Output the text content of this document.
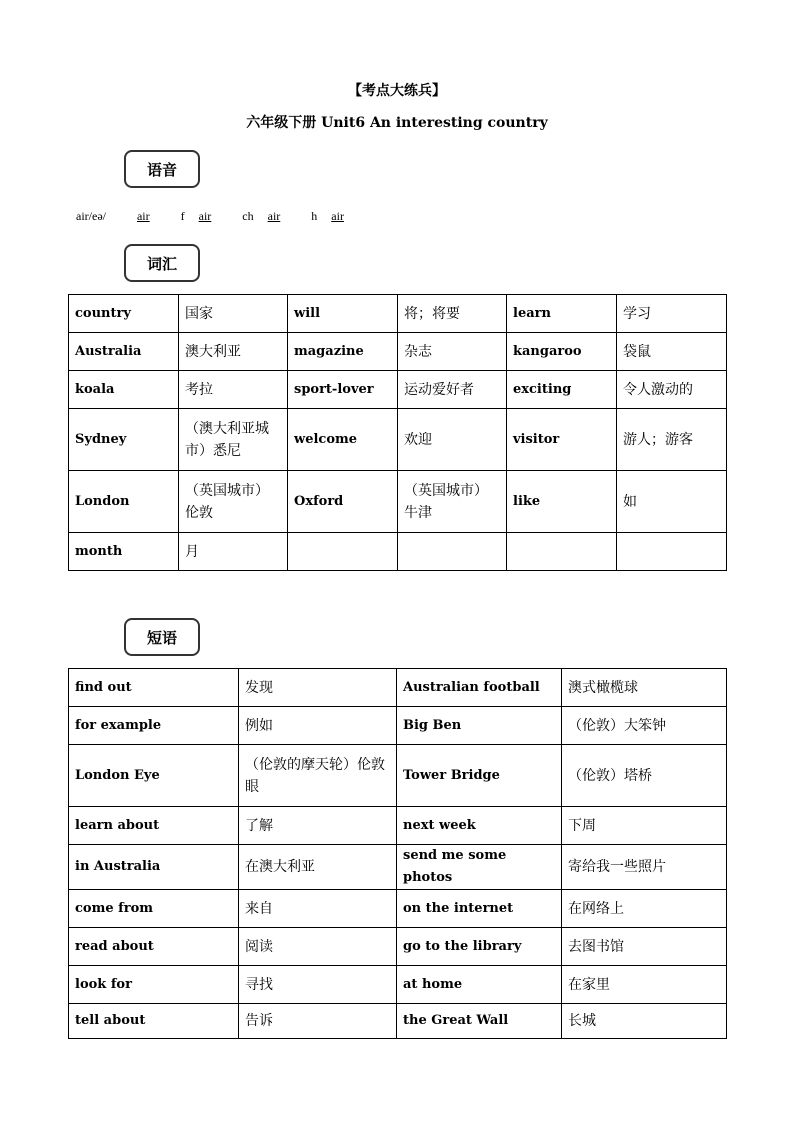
【考点大练兵】
六年级下册 Unit6 An interesting country
语音
air/eə/	air	f air	ch air	h air
词汇
country	国家	will	将；将要	learn	学习
Australia	澳大利亚	magazine	杂志	kangaroo	袋鼠
koala	考拉	sport-lover	运动爱好者	exciting	令人激动的
Sydney	（澳大利亚城市）悉尼	welcome	欢迎	visitor	游人；游客
London	（英国城市）伦敦	Oxford	（英国城市）牛津	like	如
month	月				
短语
find out	发现	Australian football	澳式橄榄球
for example	例如	Big Ben	（伦敦）大笨钟
London Eye	（伦敦的摩天轮）伦敦眼	Tower Bridge	（伦敦）塔桥
learn about	了解	next week	下周
in Australia	在澳大利亚	send me some photos	寄给我一些照片
come from	来自	on the internet	在网络上
read about	阅读	go to the library	去图书馆
look for	寻找	at home	在家里
tell about	告诉	the Great Wall	长城
